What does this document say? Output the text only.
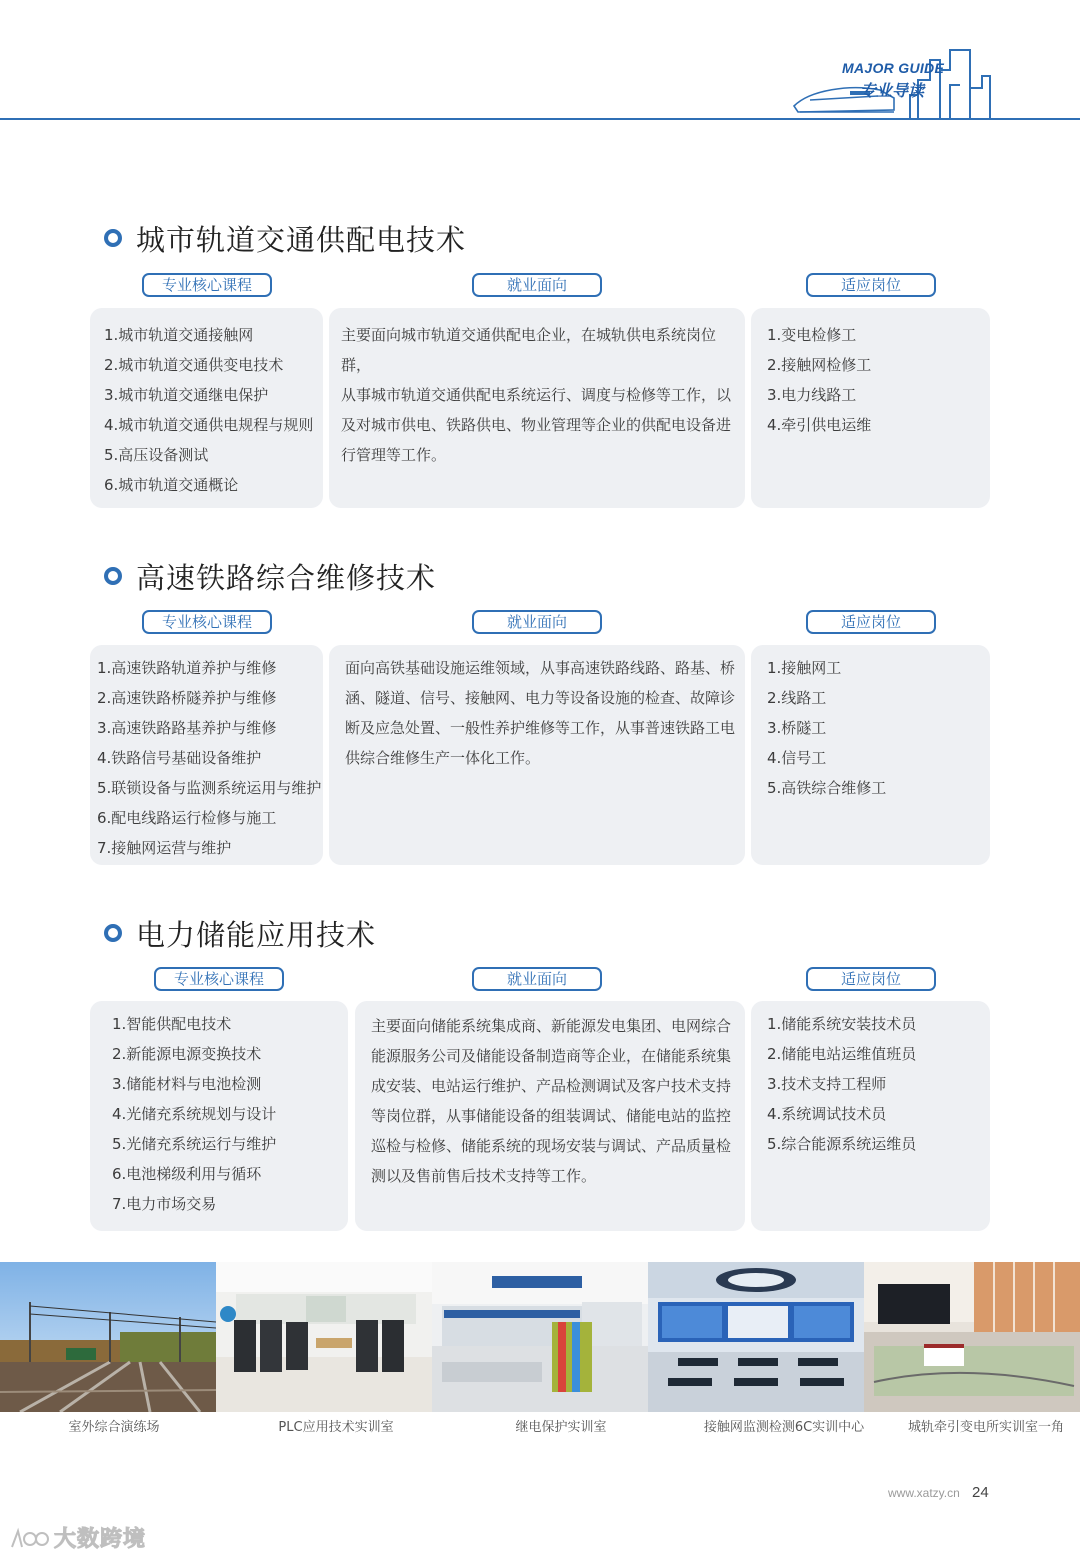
MAJOR GUIDE
专业导读
城市轨道交通供配电技术
专业核心课程	就业面向	适应岗位
1.城市轨道交通接触网
2.城市轨道交通供变电技术
3.城市轨道交通继电保护
4.城市轨道交通供电规程与规则
5.高压设备测试
6.城市轨道交通概论
主要面向城市轨道交通供配电企业，在城轨供电系统岗位群，
从事城市轨道交通供配电系统运行、调度与检修等工作，以
及对城市供电、铁路供电、物业管理等企业的供配电设备进
行管理等工作。
1.变电检修工
2.接触网检修工
3.电力线路工
4.牵引供电运维
高速铁路综合维修技术
专业核心课程	就业面向	适应岗位
1.高速铁路轨道养护与维修
2.高速铁路桥隧养护与维修
3.高速铁路路基养护与维修
4.铁路信号基础设备维护
5.联锁设备与监测系统运用与维护
6.配电线路运行检修与施工
7.接触网运营与维护
面向高铁基础设施运维领域，从事高速铁路线路、路基、桥
涵、隧道、信号、接触网、电力等设备设施的检查、故障诊
断及应急处置、一般性养护维修等工作，从事普速铁路工电
供综合维修生产一体化工作。
1.接触网工
2.线路工
3.桥隧工
4.信号工
5.高铁综合维修工
电力储能应用技术
专业核心课程	就业面向	适应岗位
1.智能供配电技术
2.新能源电源变换技术
3.储能材料与电池检测
4.光储充系统规划与设计
5.光储充系统运行与维护
6.电池梯级利用与循环
7.电力市场交易
主要面向储能系统集成商、新能源发电集团、电网综合
能源服务公司及储能设备制造商等企业，在储能系统集
成安装、电站运行维护、产品检测调试及客户技术支持
等岗位群，从事储能设备的组装调试、储能电站的监控
巡检与检修、储能系统的现场安装与调试、产品质量检
测以及售前售后技术支持等工作。
1.储能系统安装技术员
2.储能电站运维值班员
3.技术支持工程师
4.系统调试技术员
5.综合能源系统运维员
室外综合演练场	PLC应用技术实训室	继电保护实训室	接触网监测检测6C实训中心	城轨牵引变电所实训室一角
www.xatzy.cn 24
大数跨境
